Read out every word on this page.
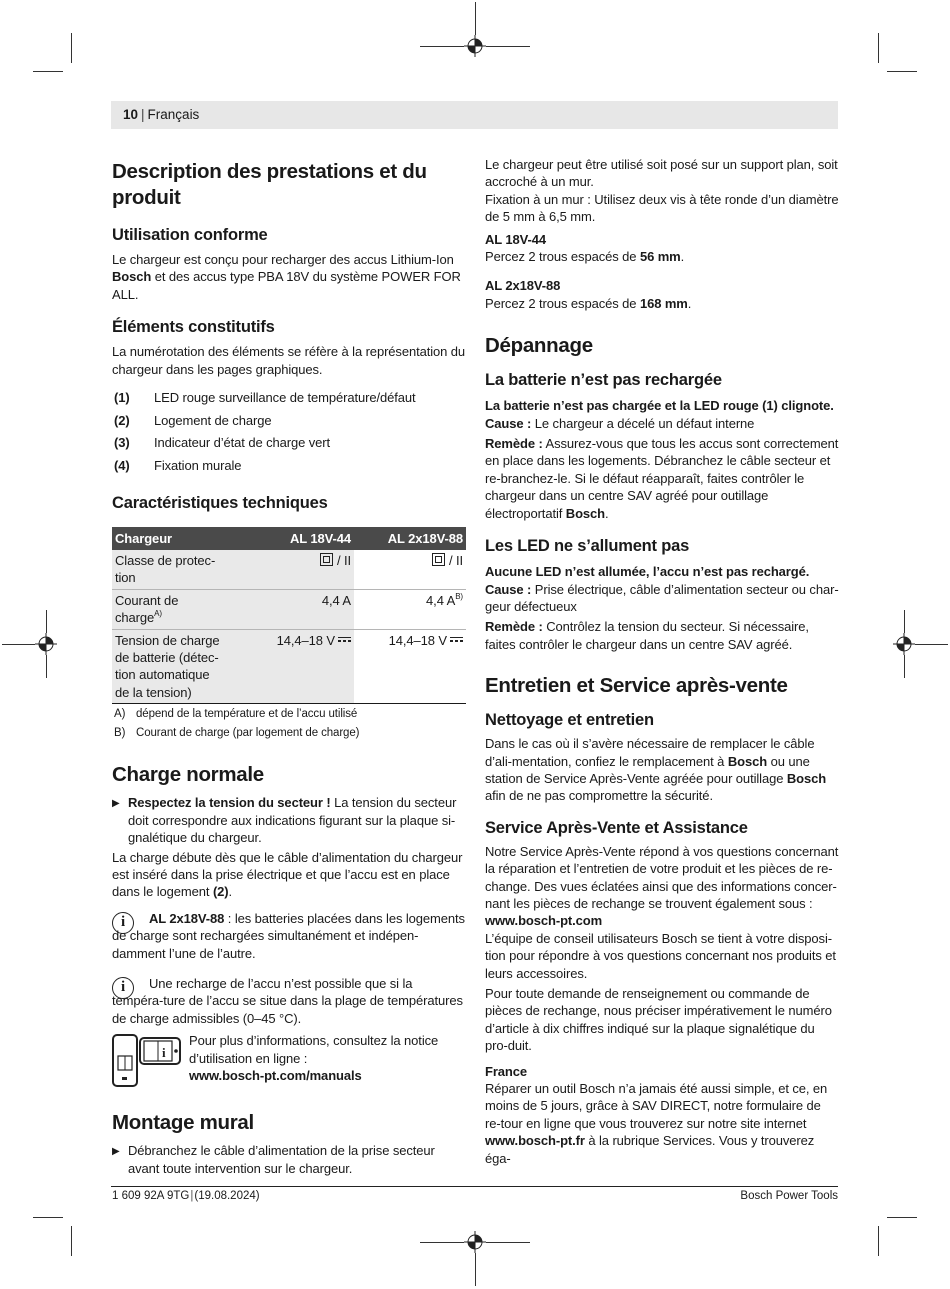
10 | Français
Description des prestations et du produit
Utilisation conforme

Le chargeur est conçu pour recharger des accus Lithium-Ion Bosch et des accus type PBA 18V du système POWER FOR ALL.

Éléments constitutifs

La numérotation des éléments se réfère à la représentation du chargeur dans les pages graphiques.

(1)	LED rouge surveillance de température/défaut
(2)	Logement de charge
(3)	Indicateur d’état de charge vert
(4)	Fixation murale
Caractéristiques techniques
Chargeur	AL 18V-44	AL 2x18V-88
Classe de protec-tion	/ II	/ II
Courant de charge$^{A)}$	4,4 A	4,4 $A^{B)}$
Tension de charge de batterie (détec-tion automatique de la tension)	14,4–18 V	14,4–18 V
A) dépend de la température et de l’accu utilisé
B) Courant de charge (par logement de charge)
Charge normale
▶ Respectez la tension du secteur ! La tension du secteur doit correspondre aux indications figurant sur la plaque si-gnalétique du chargeur.

La charge débute dès que le câble d’alimentation du chargeur est inséré dans la prise électrique et que l’accu est en place dans le logement (2).

i	AL 2x18V-88 : les batteries placées dans les logements de charge sont rechargées simultanément et indépen-damment l’une de l’autre.

i	Une recharge de l’accu n’est possible que si la tempéra-ture de l’accu se situe dans la plage de températures de charge admissibles (0–45 °C).

i

Pour plus d’informations, consultez la notice d’utilisation en ligne :
www.bosch-pt.com/manuals

Montage mural
▶ Débranchez le câble d’alimentation de la prise secteur avant toute intervention sur le chargeur.

Le chargeur peut être utilisé soit posé sur un support plan, soit accroché à un mur.

Fixation à un mur : Utilisez deux vis à tête ronde d’un diamètre de 5 mm à 6,5 mm.

AL 18V-44

Percez 2 trous espacés de 56 mm.

AL 2x18V-88

Percez 2 trous espacés de 168 mm.

Dépannage
La batterie n’est pas rechargée

La batterie n’est pas chargée et la LED rouge (1) clignote.

Cause : Le chargeur a décelé un défaut interne

Remède : Assurez-vous que tous les accus sont correctement en place dans les logements. Débranchez le câble secteur et re-branchez-le. Si le défaut réapparaît, faites contrôler le chargeur dans un centre SAV agréé pour outillage électroportatif Bosch.

Les LED ne s’allument pas

Aucune LED n’est allumée, l’accu n’est pas rechargé.

Cause : Prise électrique, câble d’alimentation secteur ou char-geur défectueux

Remède : Contrôlez la tension du secteur. Si nécessaire, faites contrôler le chargeur dans un centre SAV agréé.

Entretien et Service après-vente
Nettoyage et entretien

Dans le cas où il s’avère nécessaire de remplacer le câble d’ali-mentation, confiez le remplacement à Bosch ou une station de Service Après-Vente agréée pour outillage Bosch afin de ne pas compromettre la sécurité.

Service Après-Vente et Assistance

Notre Service Après-Vente répond à vos questions concernant la réparation et l’entretien de votre produit et les pièces de re-change. Des vues éclatées ainsi que des informations concer-nant les pièces de rechange se trouvent également sous :

www.bosch-pt.com

L’équipe de conseil utilisateurs Bosch se tient à votre disposi-tion pour répondre à vos questions concernant nos produits et leurs accessoires.

Pour toute demande de renseignement ou commande de pièces de rechange, nous préciser impérativement le numéro d’article à dix chiffres indiqué sur la plaque signalétique du pro-duit.

France

Réparer un outil Bosch n’a jamais été aussi simple, et ce, en moins de 5 jours, grâce à SAV DIRECT, notre formulaire de re-tour en ligne que vous trouverez sur notre site internet www.bosch-pt.fr à la rubrique Services. Vous y trouverez éga-

1 609 92A 9TG|(19.08.2024)	Bosch Power Tools
